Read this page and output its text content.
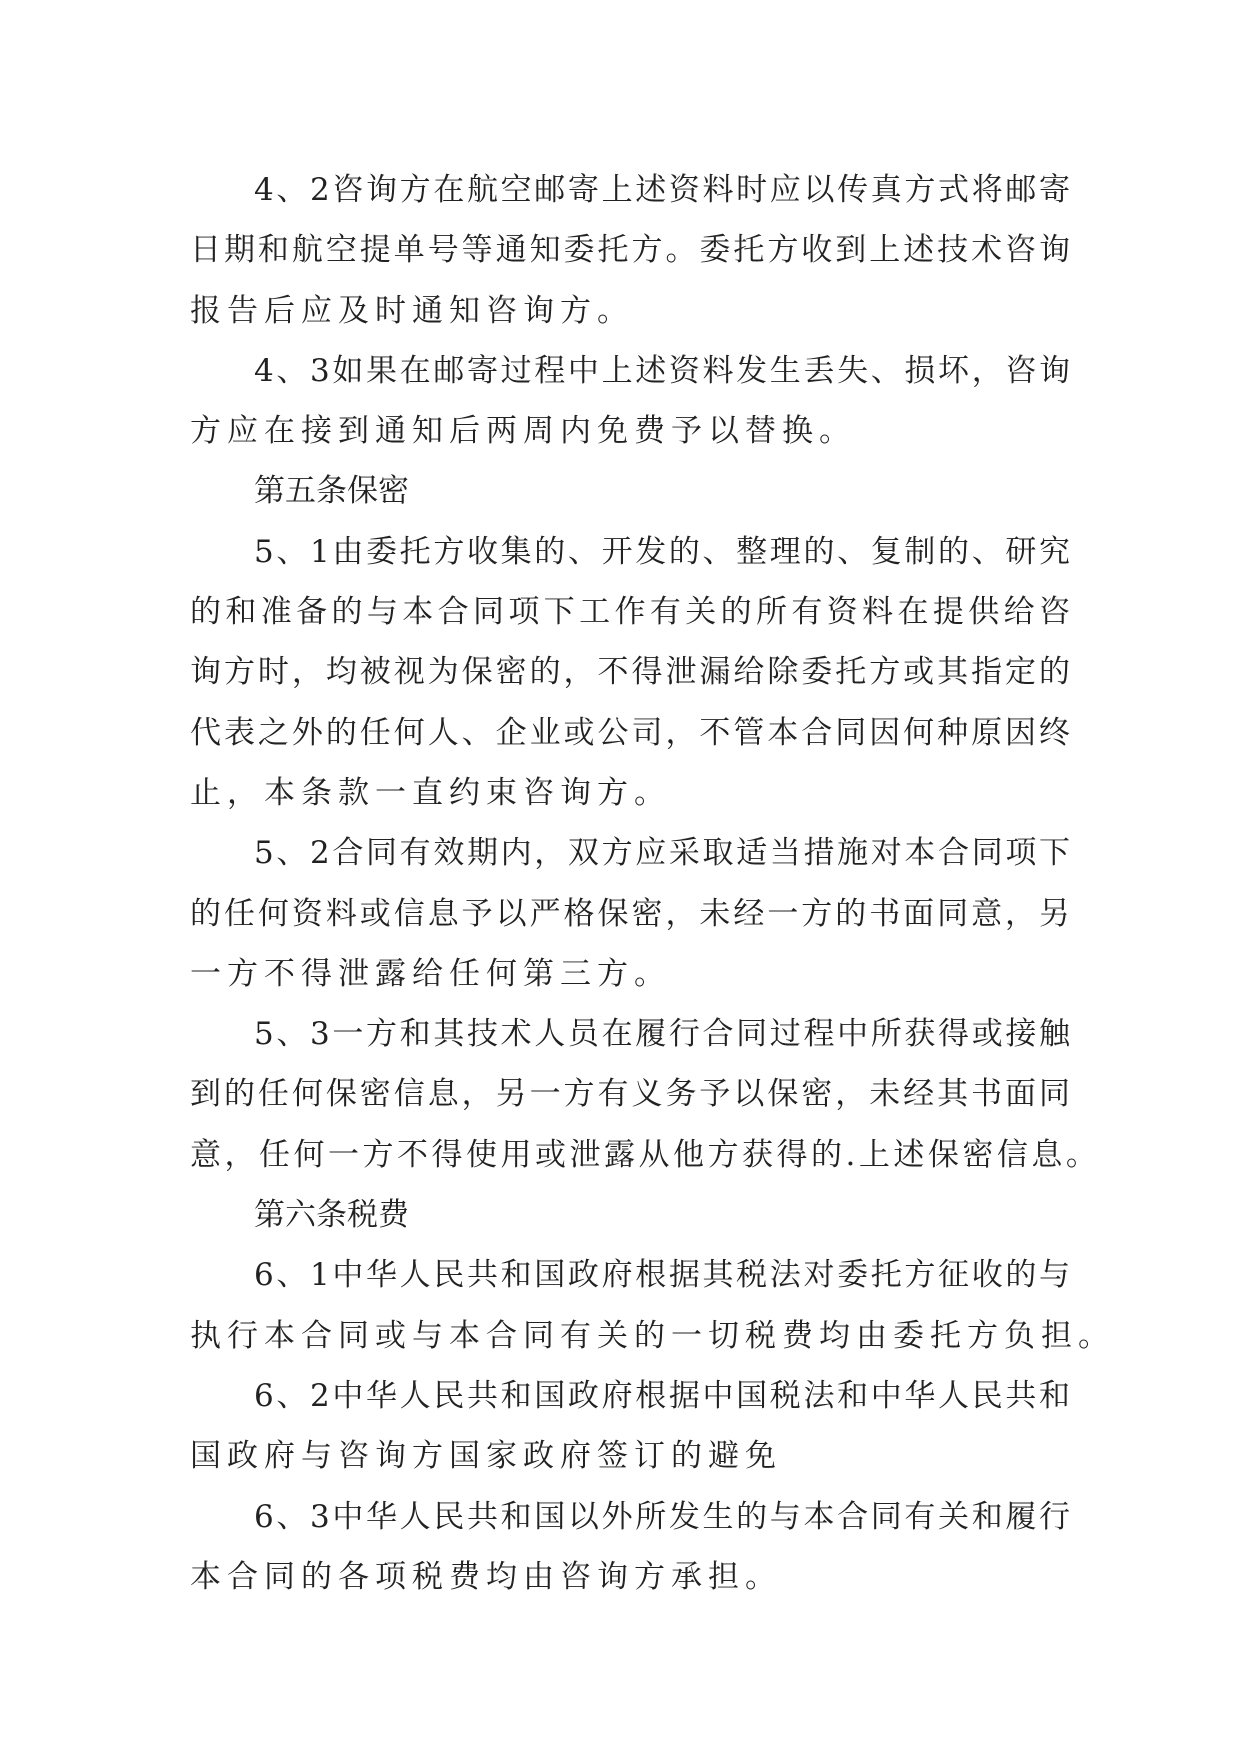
4、2咨询方在航空邮寄上述资料时应以传真方式将邮寄

日期和航空提单号等通知委托方。委托方收到上述技术咨询

报告后应及时通知咨询方。

4、3如果在邮寄过程中上述资料发生丢失、损坏，咨询

方应在接到通知后两周内免费予以替换。

第五条保密

5、1由委托方收集的、开发的、整理的、复制的、研究

的和准备的与本合同项下工作有关的所有资料在提供给咨

询方时，均被视为保密的，不得泄漏给除委托方或其指定的

代表之外的任何人、企业或公司，不管本合同因何种原因终

止，本条款一直约束咨询方。

5、2合同有效期内，双方应采取适当措施对本合同项下

的任何资料或信息予以严格保密，未经一方的书面同意，另

一方不得泄露给任何第三方。

5、3一方和其技术人员在履行合同过程中所获得或接触

到的任何保密信息，另一方有义务予以保密，未经其书面同

意，任何一方不得使用或泄露从他方获得的.上述保密信息。

第六条税费

6、1中华人民共和国政府根据其税法对委托方征收的与

执行本合同或与本合同有关的一切税费均由委托方负担。

6、2中华人民共和国政府根据中国税法和中华人民共和

国政府与咨询方国家政府签订的避免

6、3中华人民共和国以外所发生的与本合同有关和履行

本合同的各项税费均由咨询方承担。
